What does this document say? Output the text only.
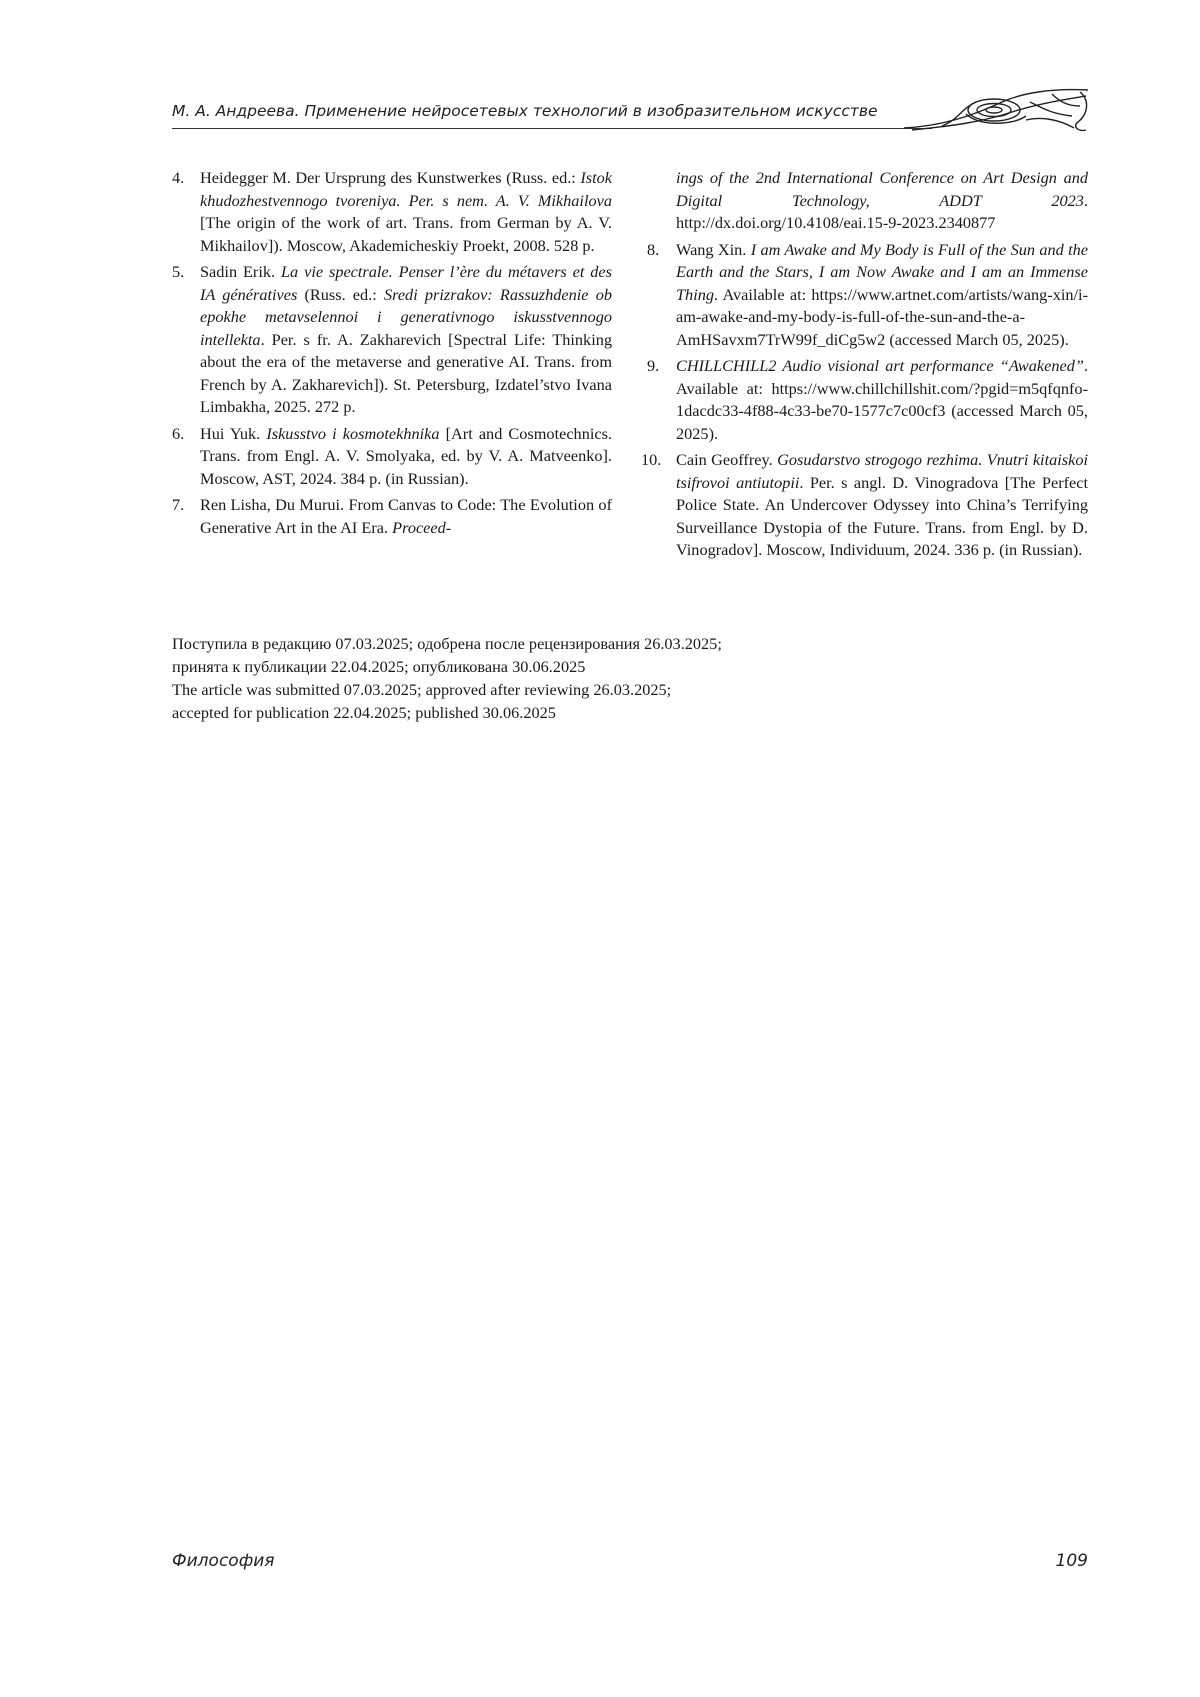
М. А. Андреева. Применение нейросетевых технологий в изобразительном искусстве
4. Heidegger M. Der Ursprung des Kunstwerkes (Russ. ed.: Istok khudozhestvennogo tvoreniya. Per. s nem. A. V. Mikhailova [The origin of the work of art. Trans. from German by A. V. Mikhailov]). Moscow, Akademicheskiy Proekt, 2008. 528 p.
5. Sadin Erik. La vie spectrale. Penser l’ère du métavers et des IA génératives (Russ. ed.: Sredi prizrakov: Rassuzhdenie ob epokhe metavselennoi i generativnogo iskusstvennogo intellekta. Per. s fr. A. Zakharevich [Spectral Life: Thinking about the era of the metaverse and generative AI. Trans. from French by A. Zakharevich]). St. Petersburg, Izdatel’stvo Ivana Limbakha, 2025. 272 p.
6. Hui Yuk. Iskusstvo i kosmotekhnika [Art and Cosmotechnics. Trans. from Engl. A. V. Smolyaka, ed. by V. A. Matveenko]. Moscow, AST, 2024. 384 p. (in Russian).
7. Ren Lisha, Du Murui. From Canvas to Code: The Evolution of Generative Art in the AI Era. Proceed-
ings of the 2nd International Conference on Art Design and Digital Technology, ADDT 2023. http://dx.doi.org/10.4108/eai.15-9-2023.2340877
8. Wang Xin. I am Awake and My Body is Full of the Sun and the Earth and the Stars, I am Now Awake and I am an Immense Thing. Available at: https://www.artnet.com/artists/wang-xin/i-am-awake-and-my-body-is-full-of-the-sun-and-the-a-AmHSavxm7TrW99f_diCg5w2 (accessed March 05, 2025).
9. CHILLCHILL2 Audio visional art performance “Awakened”. Available at: https://www.chillchillshit.com/?pgid=m5qfqnfo-1dacdc33-4f88-4c33-be70-1577c7c00cf3 (accessed March 05, 2025).
10. Cain Geoffrey. Gosudarstvo strogogo rezhima. Vnutri kitaiskoi tsifrovoi antiutopii. Per. s angl. D. Vinogradova [The Perfect Police State. An Undercover Odyssey into China’s Terrifying Surveillance Dystopia of the Future. Trans. from Engl. by D. Vinogradov]. Moscow, Individuum, 2024. 336 p. (in Russian).
Поступила в редакцию 07.03.2025; одобрена после рецензирования 26.03.2025;
принята к публикации 22.04.2025; опубликована 30.06.2025
The article was submitted 07.03.2025; approved after reviewing 26.03.2025;
accepted for publication 22.04.2025; published 30.06.2025
Философия	109
